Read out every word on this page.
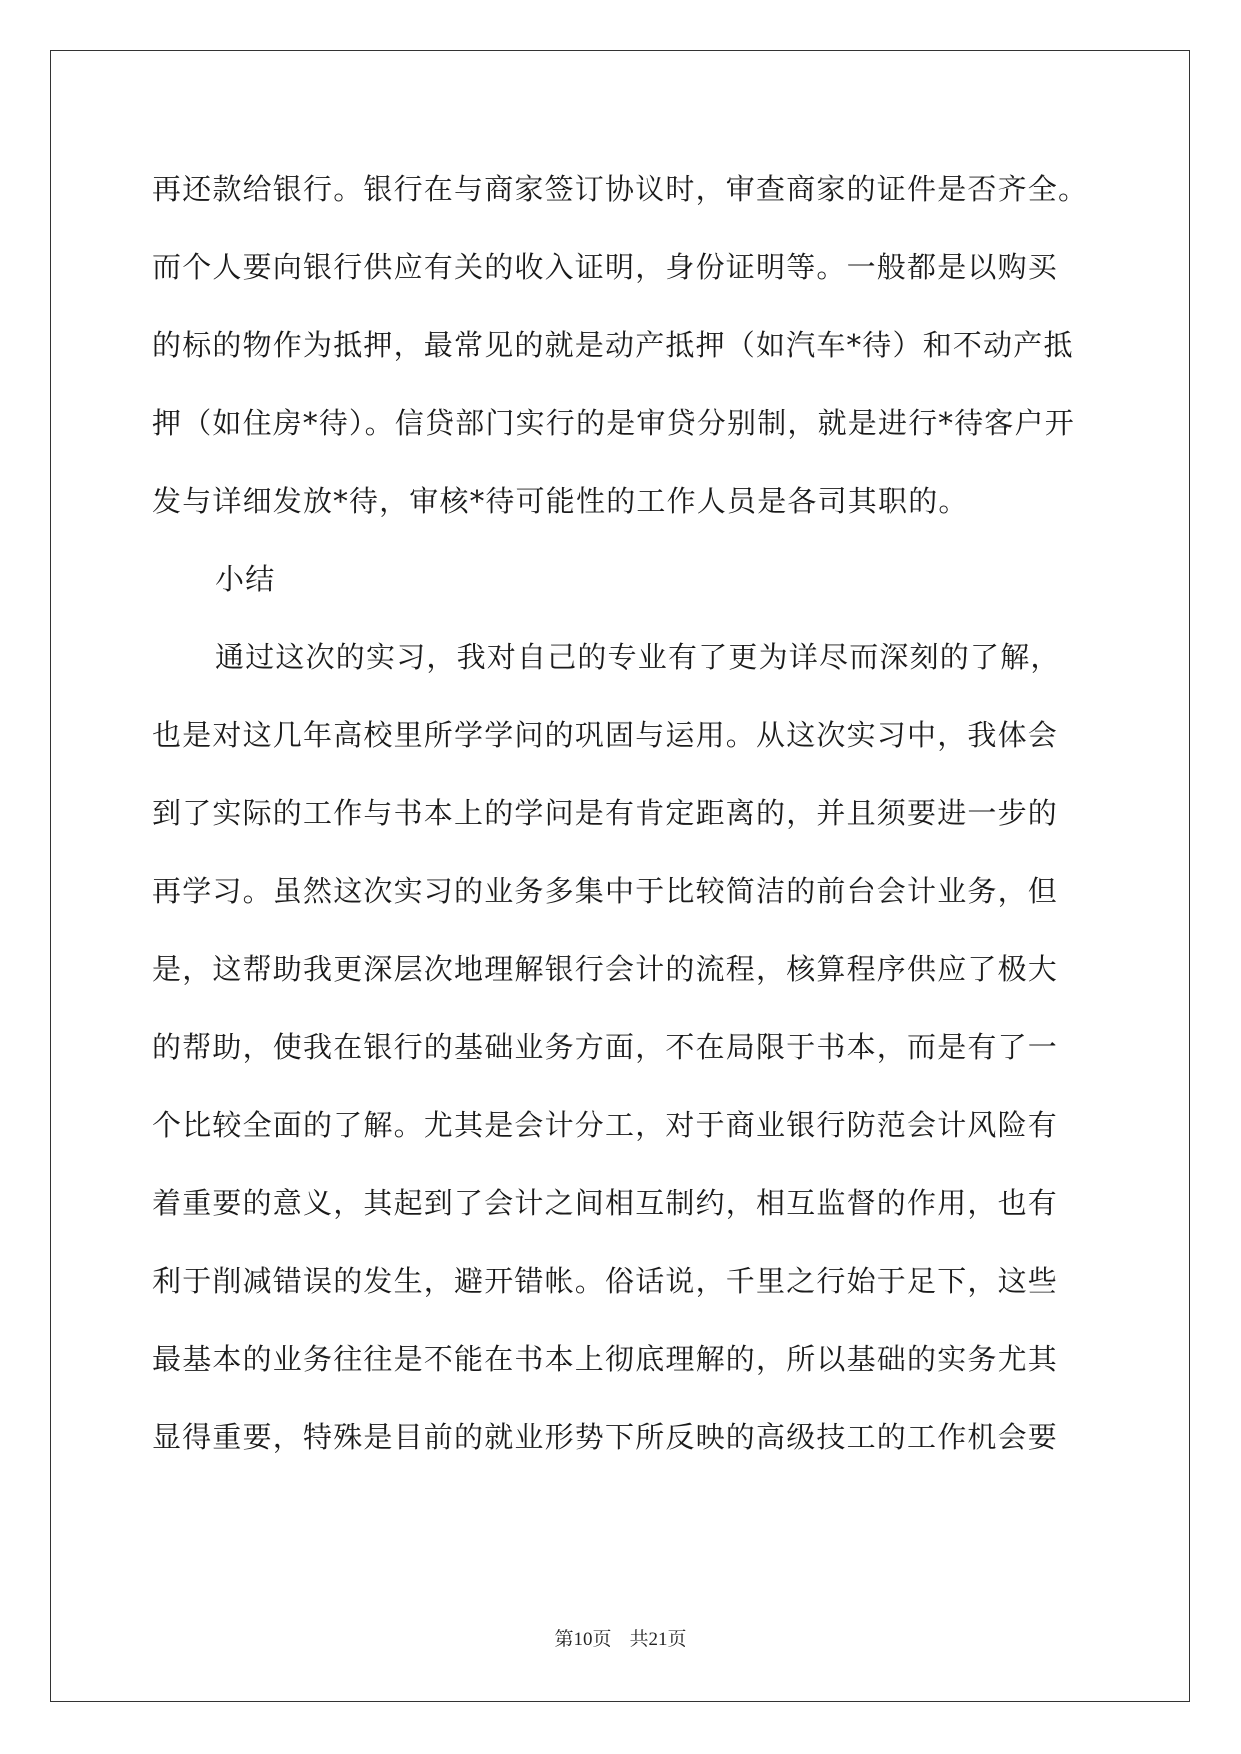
再还款给银行。银行在与商家签订协议时，审查商家的证件是否齐全。
而个人要向银行供应有关的收入证明，身份证明等。一般都是以购买
的标的物作为抵押，最常见的就是动产抵押（如汽车*待）和不动产抵
押（如住房*待）。信贷部门实行的是审贷分别制，就是进行*待客户开
发与详细发放*待，审核*待可能性的工作人员是各司其职的。
小结
通过这次的实习，我对自己的专业有了更为详尽而深刻的了解，
也是对这几年高校里所学学问的巩固与运用。从这次实习中，我体会
到了实际的工作与书本上的学问是有肯定距离的，并且须要进一步的
再学习。虽然这次实习的业务多集中于比较简洁的前台会计业务，但
是，这帮助我更深层次地理解银行会计的流程，核算程序供应了极大
的帮助，使我在银行的基础业务方面，不在局限于书本，而是有了一
个比较全面的了解。尤其是会计分工，对于商业银行防范会计风险有
着重要的意义，其起到了会计之间相互制约，相互监督的作用，也有
利于削减错误的发生，避开错帐。俗话说，千里之行始于足下，这些
最基本的业务往往是不能在书本上彻底理解的，所以基础的实务尤其
显得重要，特殊是目前的就业形势下所反映的高级技工的工作机会要
第10页 共21页
